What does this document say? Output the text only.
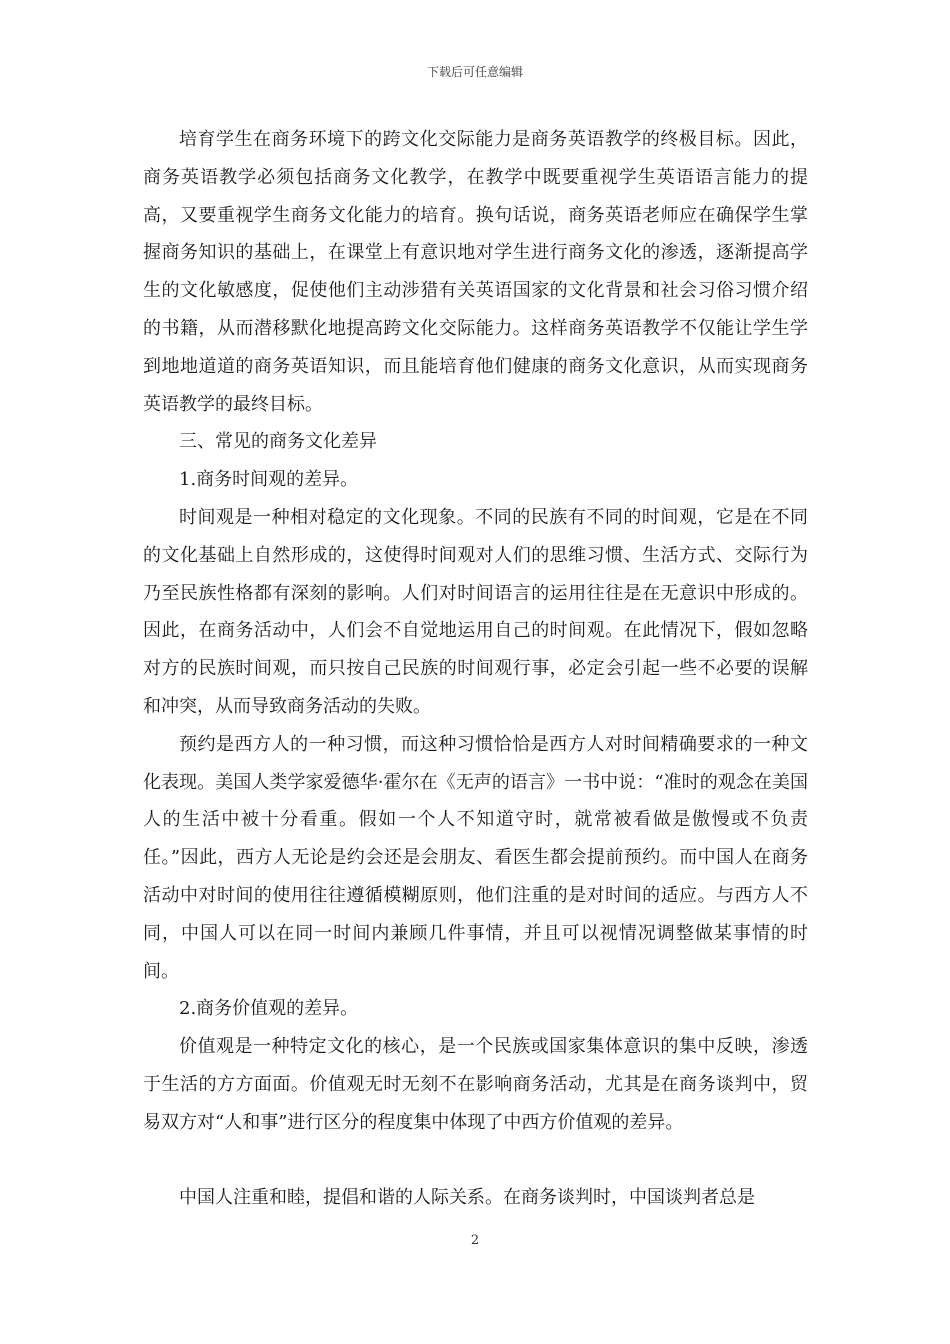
下载后可任意编辑

培育学生在商务环境下的跨文化交际能力是商务英语教学的终极目标。因此，商务英语教学必须包括商务文化教学，在教学中既要重视学生英语语言能力的提高，又要重视学生商务文化能力的培育。换句话说，商务英语老师应在确保学生掌握商务知识的基础上，在课堂上有意识地对学生进行商务文化的渗透，逐渐提高学生的文化敏感度，促使他们主动涉猎有关英语国家的文化背景和社会习俗习惯介绍的书籍，从而潜移默化地提高跨文化交际能力。这样商务英语教学不仅能让学生学到地地道道的商务英语知识，而且能培育他们健康的商务文化意识，从而实现商务英语教学的最终目标。

三、常见的商务文化差异

1.商务时间观的差异。

时间观是一种相对稳定的文化现象。不同的民族有不同的时间观，它是在不同的文化基础上自然形成的，这使得时间观对人们的思维习惯、生活方式、交际行为乃至民族性格都有深刻的影响。人们对时间语言的运用往往是在无意识中形成的。因此，在商务活动中，人们会不自觉地运用自己的时间观。在此情况下，假如忽略对方的民族时间观，而只按自己民族的时间观行事，必定会引起一些不必要的误解和冲突，从而导致商务活动的失败。

预约是西方人的一种习惯，而这种习惯恰恰是西方人对时间精确要求的一种文化表现。美国人类学家爱德华·霍尔在《无声的语言》一书中说：“准时的观念在美国人的生活中被十分看重。假如一个人不知道守时，就常被看做是傲慢或不负责任。”因此，西方人无论是约会还是会朋友、看医生都会提前预约。而中国人在商务活动中对时间的使用往往遵循模糊原则，他们注重的是对时间的适应。与西方人不同，中国人可以在同一时间内兼顾几件事情，并且可以视情况调整做某事情的时间。

2.商务价值观的差异。

价值观是一种特定文化的核心，是一个民族或国家集体意识的集中反映，渗透于生活的方方面面。价值观无时无刻不在影响商务活动，尤其是在商务谈判中，贸易双方对“人和事”进行区分的程度集中体现了中西方价值观的差异。

中国人注重和睦，提倡和谐的人际关系。在商务谈判时，中国谈判者总是

2
